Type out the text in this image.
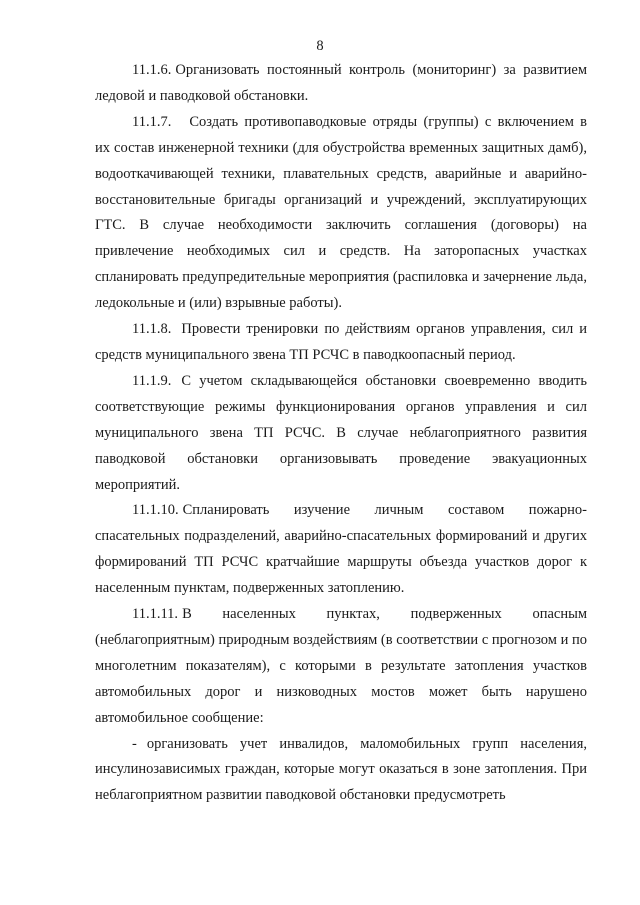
8

11.1.6. Организовать постоянный контроль (мониторинг) за развитием ледовой и паводковой обстановки.

11.1.7. Создать противопаводковые отряды (группы) с включением в их состав инженерной техники (для обустройства временных защитных дамб), водооткачивающей техники, плавательных средств, аварийные и аварийно-восстановительные бригады организаций и учреждений, эксплуатирующих ГТС. В случае необходимости заключить соглашения (договоры) на привлечение необходимых сил и средств. На заторопасных участках спланировать предупредительные мероприятия (распиловка и зачернение льда, ледокольные и (или) взрывные работы).

11.1.8. Провести тренировки по действиям органов управления, сил и средств муниципального звена ТП РСЧС в паводкоопасный период.

11.1.9. С учетом складывающейся обстановки своевременно вводить соответствующие режимы функционирования органов управления и сил муниципального звена ТП РСЧС. В случае неблагоприятного развития паводковой обстановки организовывать проведение эвакуационных мероприятий.

11.1.10. Спланировать изучение личным составом пожарно-спасательных подразделений, аварийно-спасательных формирований и других формирований ТП РСЧС кратчайшие маршруты объезда участков дорог к населенным пунктам, подверженных затоплению.

11.1.11. В населенных пунктах, подверженных опасным (неблагоприятным) природным воздействиям (в соответствии с прогнозом и по многолетним показателям), с которыми в результате затопления участков автомобильных дорог и низководных мостов может быть нарушено автомобильное сообщение:

- организовать учет инвалидов, маломобильных групп населения, инсулинозависимых граждан, которые могут оказаться в зоне затопления. При неблагоприятном развитии паводковой обстановки предусмотреть
